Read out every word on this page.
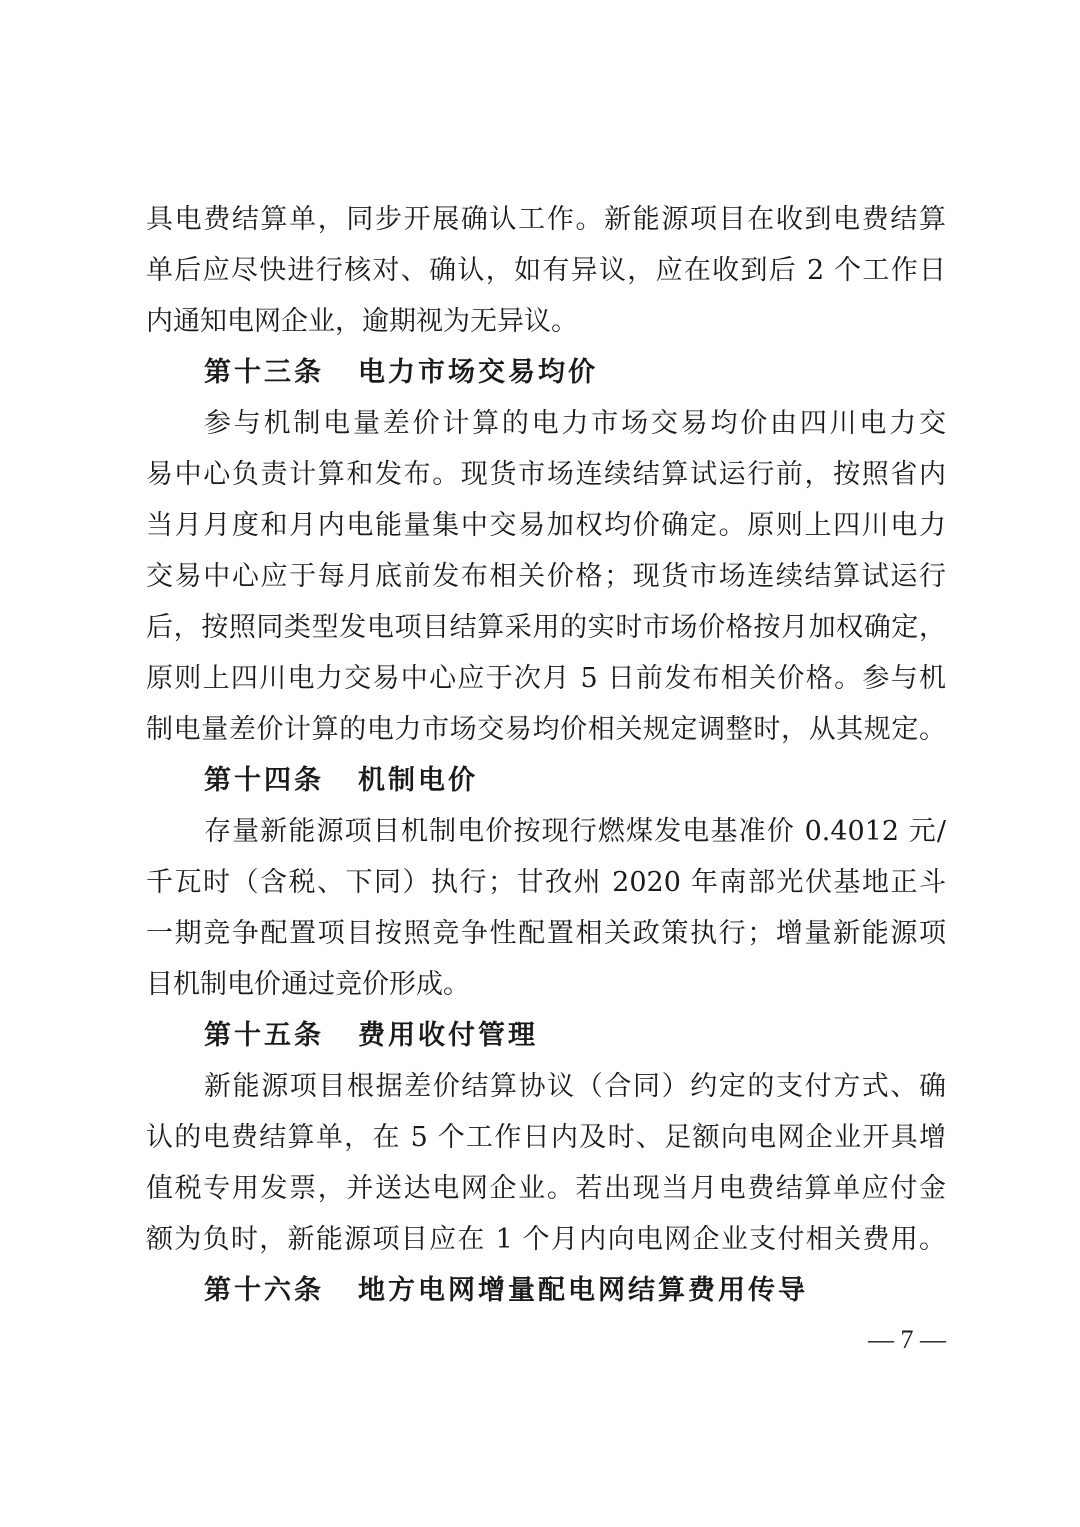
具电费结算单，同步开展确认工作。新能源项目在收到电费结算
单后应尽快进行核对、确认，如有异议，应在收到后 2 个工作日
内通知电网企业，逾期视为无异议。
第十三条 电力市场交易均价
参与机制电量差价计算的电力市场交易均价由四川电力交
易中心负责计算和发布。现货市场连续结算试运行前，按照省内
当月月度和月内电能量集中交易加权均价确定。原则上四川电力
交易中心应于每月底前发布相关价格；现货市场连续结算试运行
后，按照同类型发电项目结算采用的实时市场价格按月加权确定，
原则上四川电力交易中心应于次月 5 日前发布相关价格。参与机
制电量差价计算的电力市场交易均价相关规定调整时，从其规定。
第十四条 机制电价
存量新能源项目机制电价按现行燃煤发电基准价 0.4012 元/
千瓦时（含税、下同）执行；甘孜州 2020 年南部光伏基地正斗
一期竞争配置项目按照竞争性配置相关政策执行；增量新能源项
目机制电价通过竞价形成。
第十五条 费用收付管理
新能源项目根据差价结算协议（合同）约定的支付方式、确
认的电费结算单，在 5 个工作日内及时、足额向电网企业开具增
值税专用发票，并送达电网企业。若出现当月电费结算单应付金
额为负时，新能源项目应在 1 个月内向电网企业支付相关费用。
第十六条 地方电网增量配电网结算费用传导
— 7 —
